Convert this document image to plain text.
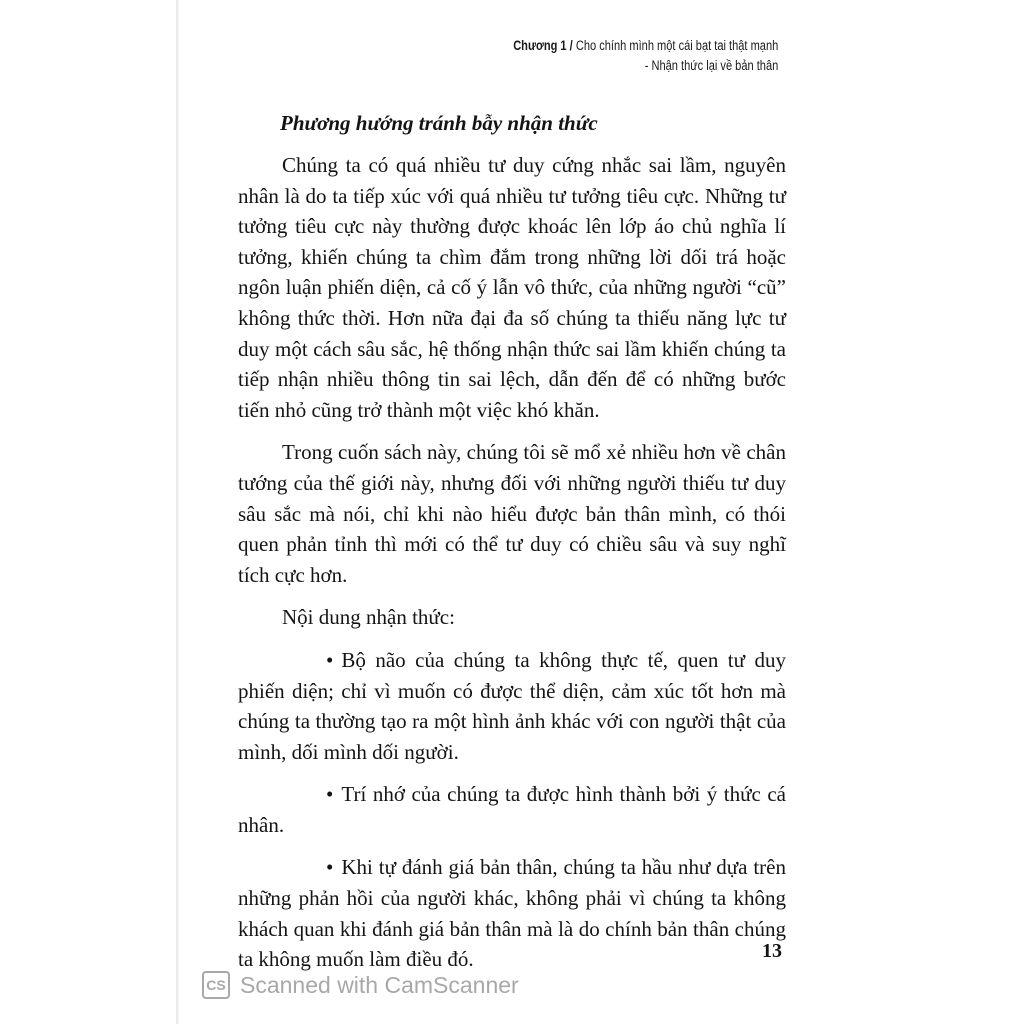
Chương 1 / Cho chính mình một cái bạt tai thật mạnh
- Nhận thức lại về bản thân
Phương hướng tránh bẫy nhận thức

Chúng ta có quá nhiều tư duy cứng nhắc sai lầm, nguyên nhân là do ta tiếp xúc với quá nhiều tư tưởng tiêu cực. Những tư tưởng tiêu cực này thường được khoác lên lớp áo chủ nghĩa lí tưởng, khiến chúng ta chìm đắm trong những lời dối trá hoặc ngôn luận phiến diện, cả cố ý lẫn vô thức, của những người “cũ” không thức thời. Hơn nữa đại đa số chúng ta thiếu năng lực tư duy một cách sâu sắc, hệ thống nhận thức sai lầm khiến chúng ta tiếp nhận nhiều thông tin sai lệch, dẫn đến để có những bước tiến nhỏ cũng trở thành một việc khó khăn.

Trong cuốn sách này, chúng tôi sẽ mổ xẻ nhiều hơn về chân tướng của thế giới này, nhưng đối với những người thiếu tư duy sâu sắc mà nói, chỉ khi nào hiểu được bản thân mình, có thói quen phản tỉnh thì mới có thể tư duy có chiều sâu và suy nghĩ tích cực hơn.

Nội dung nhận thức:

• Bộ não của chúng ta không thực tế, quen tư duy phiến diện; chỉ vì muốn có được thể diện, cảm xúc tốt hơn mà chúng ta thường tạo ra một hình ảnh khác với con người thật của mình, dối mình dối người.

• Trí nhớ của chúng ta được hình thành bởi ý thức cá nhân.

• Khi tự đánh giá bản thân, chúng ta hầu như dựa trên những phản hồi của người khác, không phải vì chúng ta không khách quan khi đánh giá bản thân mà là do chính bản thân chúng ta không muốn làm điều đó.	13
CS Scanned with CamScanner
